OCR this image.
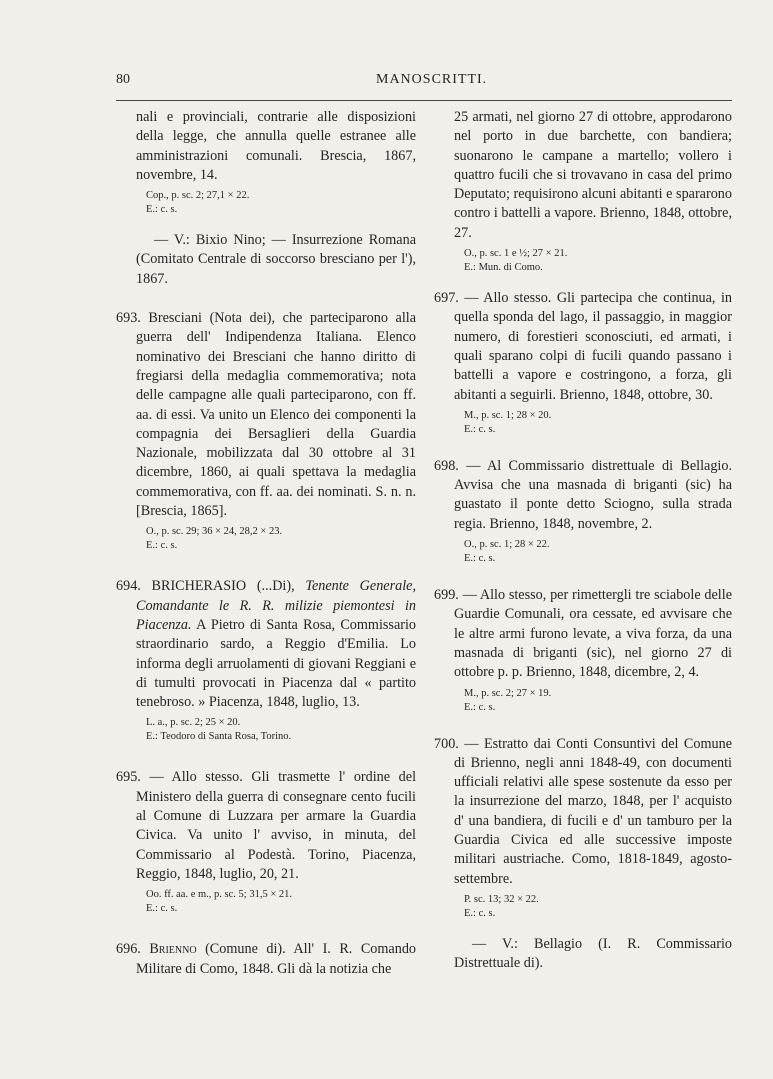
80	MANOSCRITTI.

nali e provinciali, contrarie alle disposizioni della legge, che annulla quelle estranee alle amministrazioni comunali. Brescia, 1867, novembre, 14.

Cop., p. sc. 2; 27,1 × 22.
E.: c. s.

— V.: Bixio Nino; — Insurrezione Romana (Comitato Centrale di soccorso bresciano per l'), 1867.

693. Bresciani (Nota dei), che parteciparono alla guerra dell' Indipendenza Italiana. Elenco nominativo dei Bresciani che hanno diritto di fregiarsi della medaglia commemorativa; nota delle campagne alle quali parteciparono, con ff. aa. di essi. Va unito un Elenco dei componenti la compagnia dei Bersaglieri della Guardia Nazionale, mobilizzata dal 30 ottobre al 31 dicembre, 1860, ai quali spettava la medaglia commemorativa, con ff. aa. dei nominati. S. n. n. [Brescia, 1865].

O., p. sc. 29; 36 × 24, 28,2 × 23.
E.: c. s.

694. BRICHERASIO (...Di), Tenente Generale, Comandante le R. R. milizie piemontesi in Piacenza. A Pietro di Santa Rosa, Commissario straordinario sardo, a Reggio d'Emilia. Lo informa degli arruolamenti di giovani Reggiani e di tumulti provocati in Piacenza dal « partito tenebroso. » Piacenza, 1848, luglio, 13.

L. a., p. sc. 2; 25 × 20.
E.: Teodoro di Santa Rosa, Torino.

695. — Allo stesso. Gli trasmette l' ordine del Ministero della guerra di consegnare cento fucili al Comune di Luzzara per armare la Guardia Civica. Va unito l' avviso, in minuta, del Commissario al Podestà. Torino, Piacenza, Reggio, 1848, luglio, 20, 21.

Oo. ff. aa. e m., p. sc. 5; 31,5 × 21.
E.: c. s.

696. Brienno (Comune di). All' I. R. Comando Militare di Como, 1848. Gli dà la notizia che

25 armati, nel giorno 27 di ottobre, approdarono nel porto in due barchette, con bandiera; suonarono le campane a martello; vollero i quattro fucili che si trovavano in casa del primo Deputato; requisirono alcuni abitanti e spararono contro i battelli a vapore. Brienno, 1848, ottobre, 27.

O., p. sc. 1 e ½; 27 × 21.
E.: Mun. di Como.

697. — Allo stesso. Gli partecipa che continua, in quella sponda del lago, il passaggio, in maggior numero, di forestieri sconosciuti, ed armati, i quali sparano colpi di fucili quando passano i battelli a vapore e costringono, a forza, gli abitanti a seguirli. Brienno, 1848, ottobre, 30.

M., p. sc. 1; 28 × 20.
E.: c. s.

698. — Al Commissario distrettuale di Bellagio. Avvisa che una masnada di briganti (sic) ha guastato il ponte detto Sciogno, sulla strada regia. Brienno, 1848, novembre, 2.

O., p. sc. 1; 28 × 22.
E.: c. s.

699. — Allo stesso, per rimettergli tre sciabole delle Guardie Comunali, ora cessate, ed avvisare che le altre armi furono levate, a viva forza, da una masnada di briganti (sic), nel giorno 27 di ottobre p. p. Brienno, 1848, dicembre, 2, 4.

M., p. sc. 2; 27 × 19.
E.: c. s.

700. — Estratto dai Conti Consuntivi del Comune di Brienno, negli anni 1848-49, con documenti ufficiali relativi alle spese sostenute da esso per la insurrezione del marzo, 1848, per l' acquisto d' una bandiera, di fucili e d' un tamburo per la Guardia Civica ed alle successive imposte militari austriache. Como, 1818-1849, agosto-settembre.

P. sc. 13; 32 × 22.
E.: c. s.

— V.: Bellagio (I. R. Commissario Distrettuale di).
